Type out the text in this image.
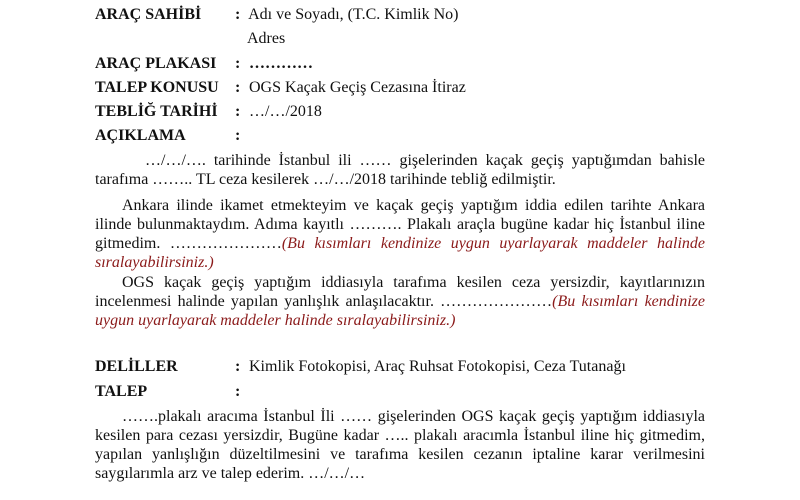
ARAÇ SAHİBİ : Adı ve Soyadı, (T.C. Kimlik No)
Adres
ARAÇ PLAKASI : …………
TALEP KONUSU : OGS Kaçak Geçiş Cezasına İtiraz
TEBLİĞ TARİHİ : …/…/2018
AÇIKLAMA	:
…/…/…. tarihinde İstanbul ili …… gişelerinden kaçak geçiş yaptığımdan bahisle
tarafıma …….. TL ceza kesilerek …/…/2018 tarihinde tebliğ edilmiştir.
Ankara ilinde ikamet etmekteyim ve kaçak geçiş yaptığım iddia edilen tarihte Ankara
ilinde bulunmaktaydım. Adıma kayıtlı ………. Plakalı araçla bugüne kadar hiç İstanbul iline
gitmedim. …………………(Bu kısımları kendinize uygun uyarlayarak maddeler halinde
sıralayabilirsiniz.)
OGS kaçak geçiş yaptığım iddiasıyla tarafıma kesilen ceza yersizdir, kayıtlarınızın
incelenmesi halinde yapılan yanlışlık anlaşılacaktır. …………………(Bu kısımları kendinize
uygun uyarlayarak maddeler halinde sıralayabilirsiniz.)
DELİLLER	: Kimlik Fotokopisi, Araç Ruhsat Fotokopisi, Ceza Tutanağı
TALEP	:
…….plakalı aracıma İstanbul İli …… gişelerinden OGS kaçak geçiş yaptığım iddiasıyla
kesilen para cezası yersizdir, Bugüne kadar ….. plakalı aracımla İstanbul iline hiç gitmedim,
yapılan yanlışlığın düzeltilmesini ve tarafıma kesilen cezanın iptaline karar verilmesini
saygılarımla arz ve talep ederim. …/…/…
